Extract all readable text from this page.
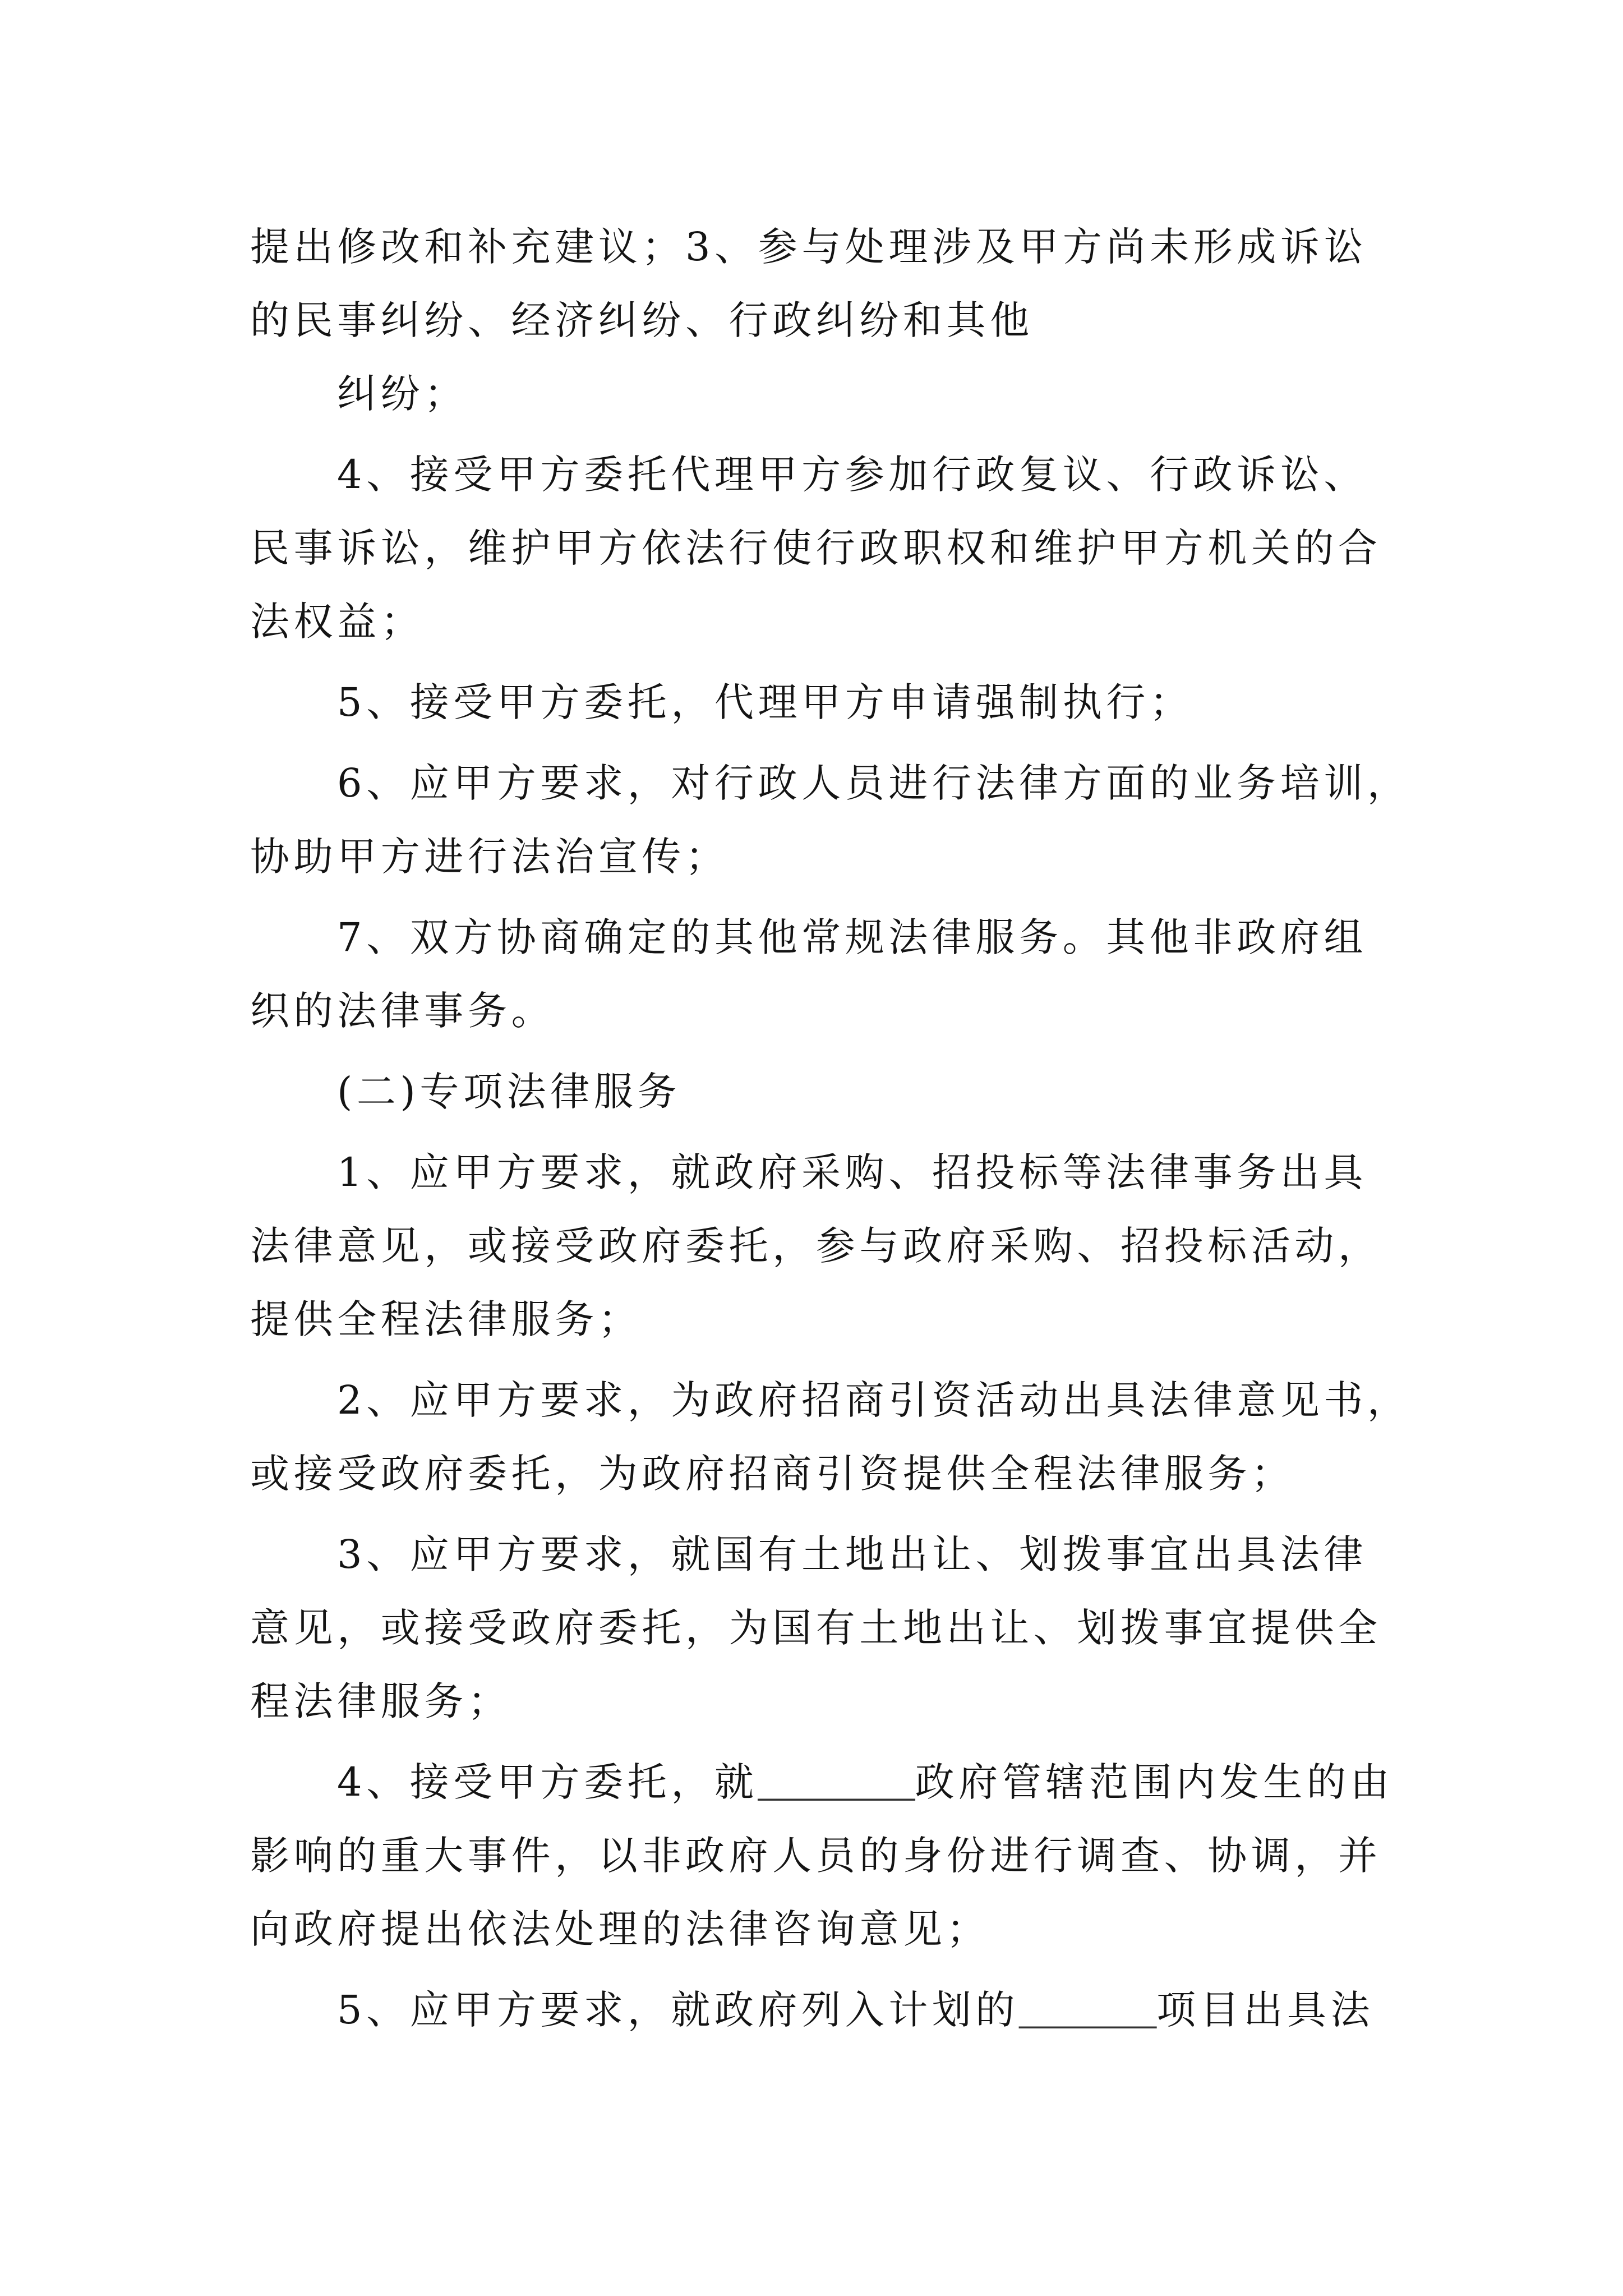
提出修改和补充建议；3、参与处理涉及甲方尚未形成诉讼
的民事纠纷、经济纠纷、行政纠纷和其他
纠纷；
4、接受甲方委托代理甲方参加行政复议、行政诉讼、
民事诉讼，维护甲方依法行使行政职权和维护甲方机关的合
法权益；
5、接受甲方委托，代理甲方申请强制执行；
6、应甲方要求，对行政人员进行法律方面的业务培训，
协助甲方进行法治宣传；
7、双方协商确定的其他常规法律服务。其他非政府组
织的法律事务。
(二)专项法律服务
1、应甲方要求，就政府采购、招投标等法律事务出具
法律意见，或接受政府委托，参与政府采购、招投标活动，
提供全程法律服务；
2、应甲方要求，为政府招商引资活动出具法律意见书，
或接受政府委托，为政府招商引资提供全程法律服务；
3、应甲方要求，就国有土地出让、划拨事宜出具法律
意见，或接受政府委托，为国有土地出让、划拨事宜提供全
程法律服务；
4、接受甲方委托，就________政府管辖范围内发生的由
影响的重大事件，以非政府人员的身份进行调查、协调，并
向政府提出依法处理的法律咨询意见；
5、应甲方要求，就政府列入计划的_______项目出具法
